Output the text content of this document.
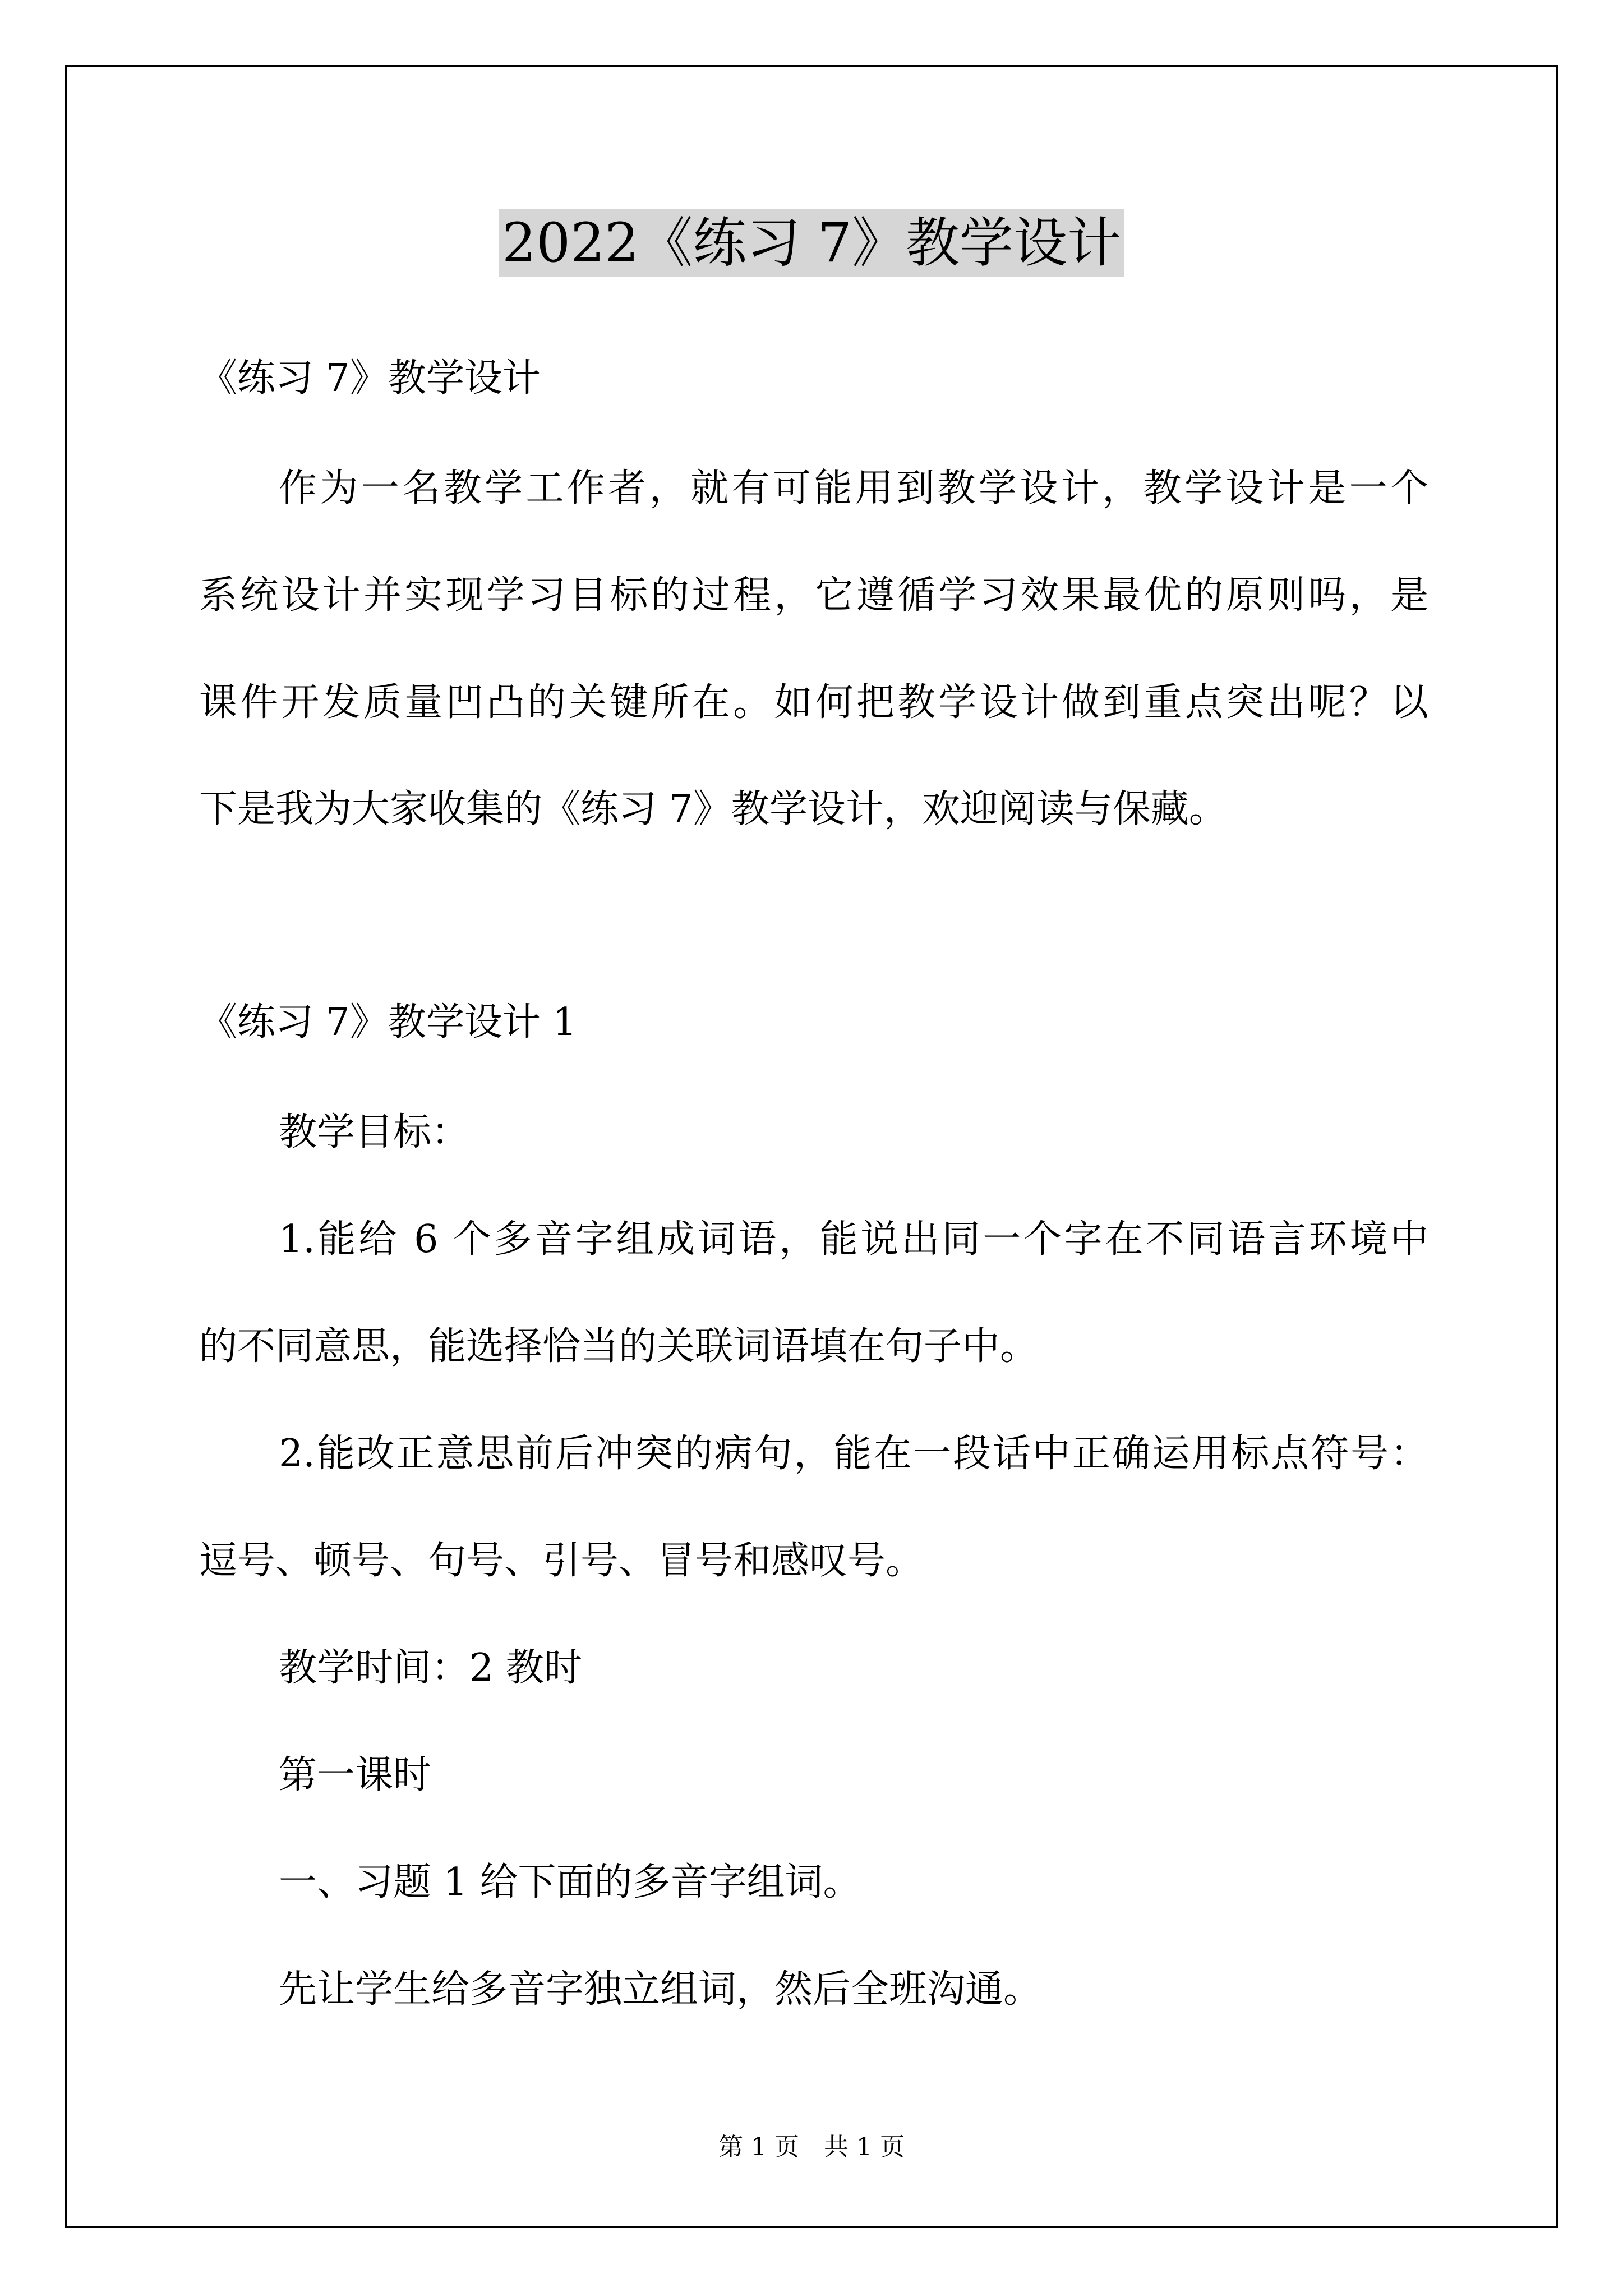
2022《练习 7》教学设计
《练习 7》教学设计
作为一名教学工作者，就有可能用到教学设计，教学设计是一个
系统设计并实现学习目标的过程，它遵循学习效果最优的原则吗，是
课件开发质量凹凸的关键所在。如何把教学设计做到重点突出呢？以
下是我为大家收集的《练习 7》教学设计，欢迎阅读与保藏。
《练习 7》教学设计 1
教学目标：
1.能给 6 个多音字组成词语，能说出同一个字在不同语言环境中
的不同意思，能选择恰当的关联词语填在句子中。
2.能改正意思前后冲突的病句，能在一段话中正确运用标点符号：
逗号、顿号、句号、引号、冒号和感叹号。
教学时间：2 教时
第一课时
一、习题 1 给下面的多音字组词。
先让学生给多音字独立组词，然后全班沟通。
第 1 页　共 1 页
